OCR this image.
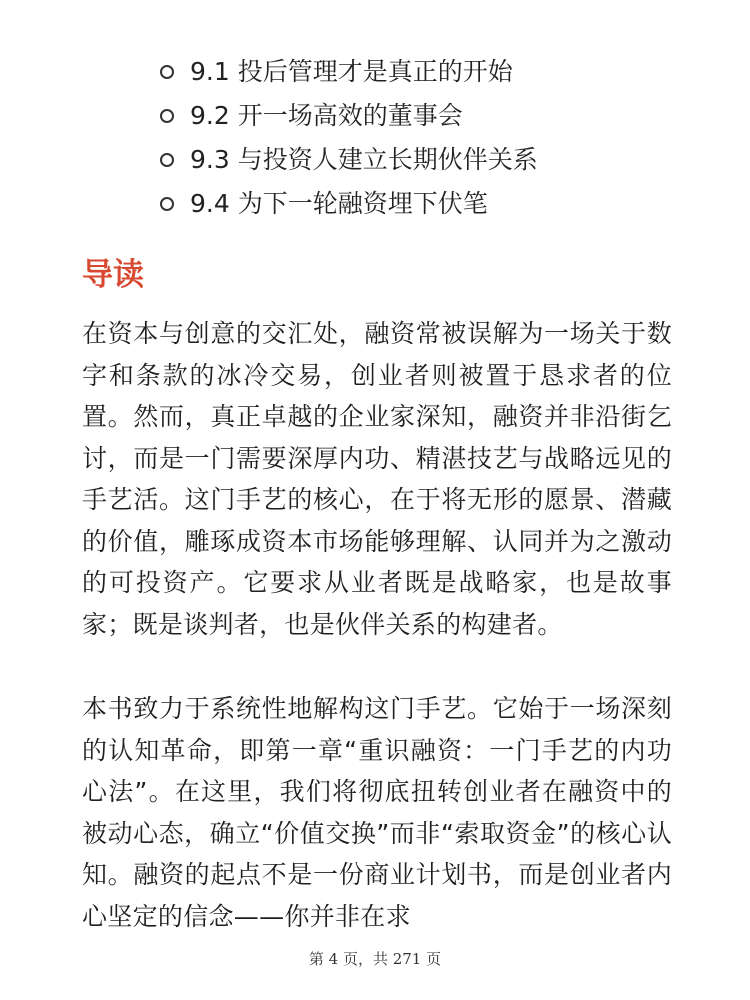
9.1 投后管理才是真正的开始
9.2 开一场高效的董事会
9.3 与投资人建立长期伙伴关系
9.4 为下一轮融资埋下伏笔
导读

在资本与创意的交汇处，融资常被误解为一场关于数字和条款的冰冷交易，创业者则被置于恳求者的位置。然而，真正卓越的企业家深知，融资并非沿街乞讨，而是一门需要深厚内功、精湛技艺与战略远见的手艺活。这门手艺的核心，在于将无形的愿景、潜藏的价值，雕琢成资本市场能够理解、认同并为之激动的可投资产。它要求从业者既是战略家，也是故事家；既是谈判者，也是伙伴关系的构建者。

本书致力于系统性地解构这门手艺。它始于一场深刻的认知革命，即第一章“重识融资：一门手艺的内功心法”。在这里，我们将彻底扭转创业者在融资中的被动心态，确立“价值交换”而非“索取资金”的核心认知。融资的起点不是一份商业计划书，而是创业者内心坚定的信念——你并非在求

第 4 页，共 271 页
